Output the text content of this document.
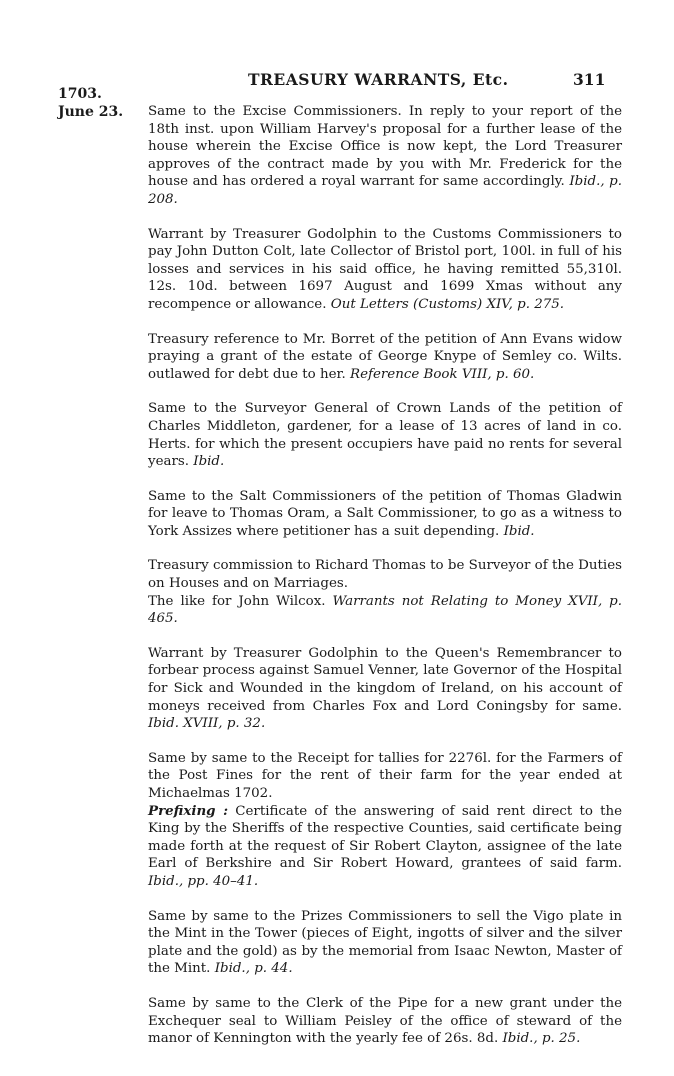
TREASURY WARRANTS, Etc.	311
1703.
June 23. Same to the Excise Commissioners. In reply to your report of the 18th inst. upon William Harvey's proposal for a further lease of the house wherein the Excise Office is now kept, the Lord Treasurer approves of the contract made by you with Mr. Frederick for the house and has ordered a royal warrant for same accordingly. Ibid., p. 208.

Warrant by Treasurer Godolphin to the Customs Commissioners to pay John Dutton Colt, late Collector of Bristol port, 100l. in full of his losses and services in his said office, he having remitted 55,310l. 12s. 10d. between 1697 August and 1699 Xmas without any recompence or allowance. Out Letters (Customs) XIV, p. 275.

Treasury reference to Mr. Borret of the petition of Ann Evans widow praying a grant of the estate of George Knype of Semley co. Wilts. outlawed for debt due to her. Reference Book VIII, p. 60.

Same to the Surveyor General of Crown Lands of the petition of Charles Middleton, gardener, for a lease of 13 acres of land in co. Herts. for which the present occupiers have paid no rents for several years. Ibid.

Same to the Salt Commissioners of the petition of Thomas Gladwin for leave to Thomas Oram, a Salt Commissioner, to go as a witness to York Assizes where petitioner has a suit depending. Ibid.

Treasury commission to Richard Thomas to be Surveyor of the Duties on Houses and on Marriages.

The like for John Wilcox. Warrants not Relating to Money XVII, p. 465.

Warrant by Treasurer Godolphin to the Queen's Remembrancer to forbear process against Samuel Venner, late Governor of the Hospital for Sick and Wounded in the kingdom of Ireland, on his account of moneys received from Charles Fox and Lord Coningsby for same. Ibid. XVIII, p. 32.

Same by same to the Receipt for tallies for 2276l. for the Farmers of the Post Fines for the rent of their farm for the year ended at Michaelmas 1702.

Prefixing : Certificate of the answering of said rent direct to the King by the Sheriffs of the respective Counties, said certificate being made forth at the request of Sir Robert Clayton, assignee of the late Earl of Berkshire and Sir Robert Howard, grantees of said farm. Ibid., pp. 40–41.

Same by same to the Prizes Commissioners to sell the Vigo plate in the Mint in the Tower (pieces of Eight, ingotts of silver and the silver plate and the gold) as by the memorial from Isaac Newton, Master of the Mint. Ibid., p. 44.

Same by same to the Clerk of the Pipe for a new grant under the Exchequer seal to William Peisley of the office of steward of the manor of Kennington with the yearly fee of 26s. 8d. Ibid., p. 25.
